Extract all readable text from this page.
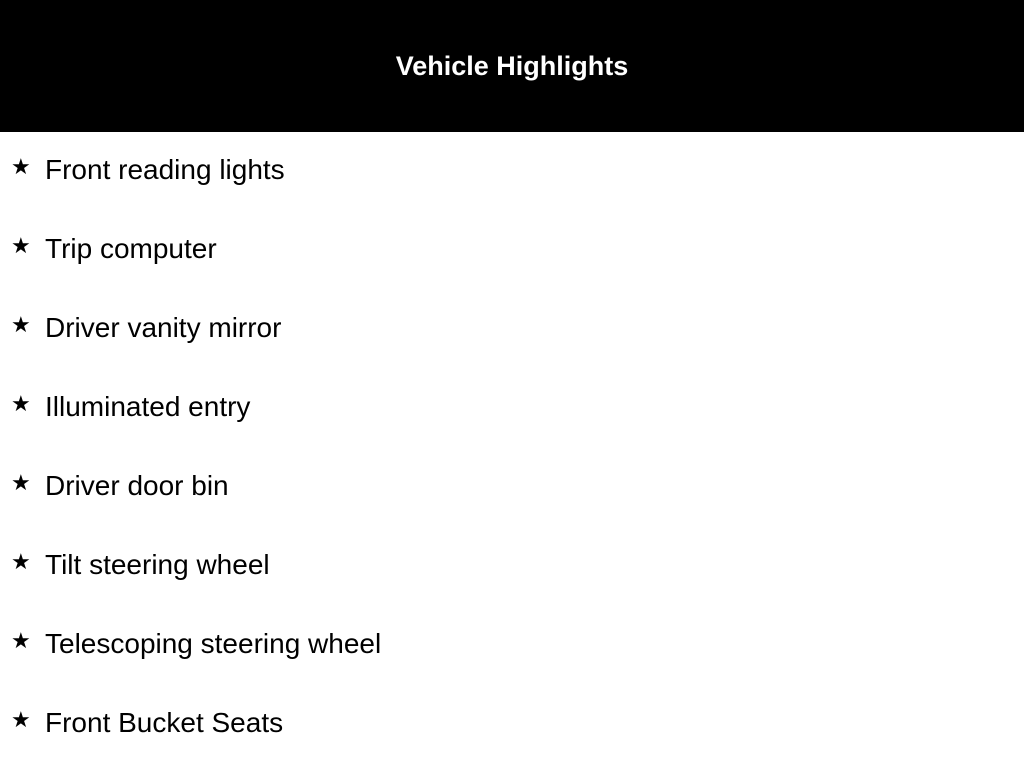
Vehicle Highlights
★ Front reading lights
★ Trip computer
★ Driver vanity mirror
★ Illuminated entry
★ Driver door bin
★ Tilt steering wheel
★ Telescoping steering wheel
★ Front Bucket Seats
